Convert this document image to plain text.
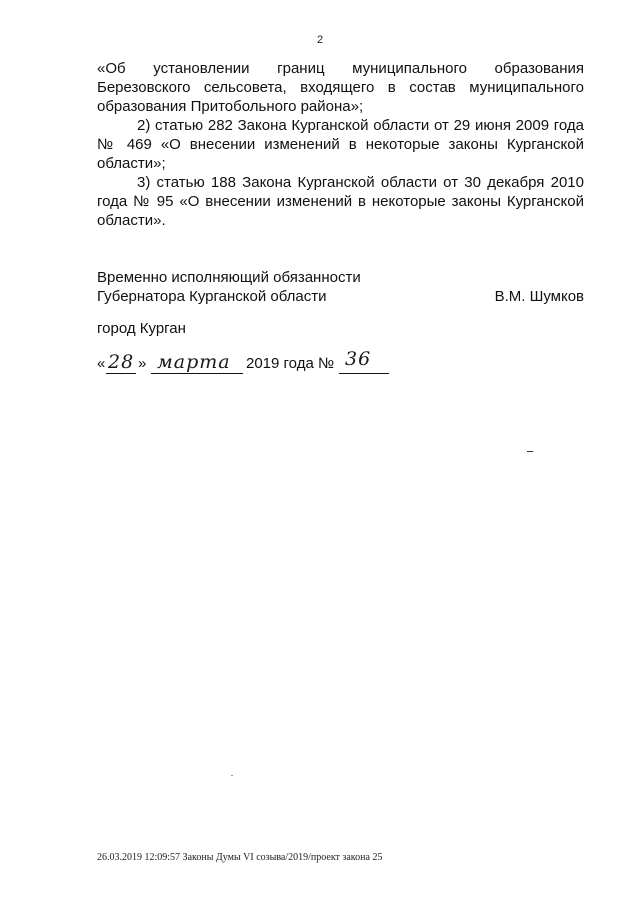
2

«Об установлении границ муниципального образования Березовского сельсовета, входящего в состав муниципального образования Притобольного района»;

2) статью 282 Закона Курганской области от 29 июня 2009 года № 469 «О внесении изменений в некоторые законы Курганской области»;

3) статью 188 Закона Курганской области от 30 декабря 2010 года № 95 «О внесении изменений в некоторые законы Курганской области».

Временно исполняющий обязанности
Губернатора Курганской области	В.М. Шумков
город Курган
« 28 » марта 2019 года № 36
26.03.2019 12:09:57 Законы Думы VI созыва/2019/проект закона 25
